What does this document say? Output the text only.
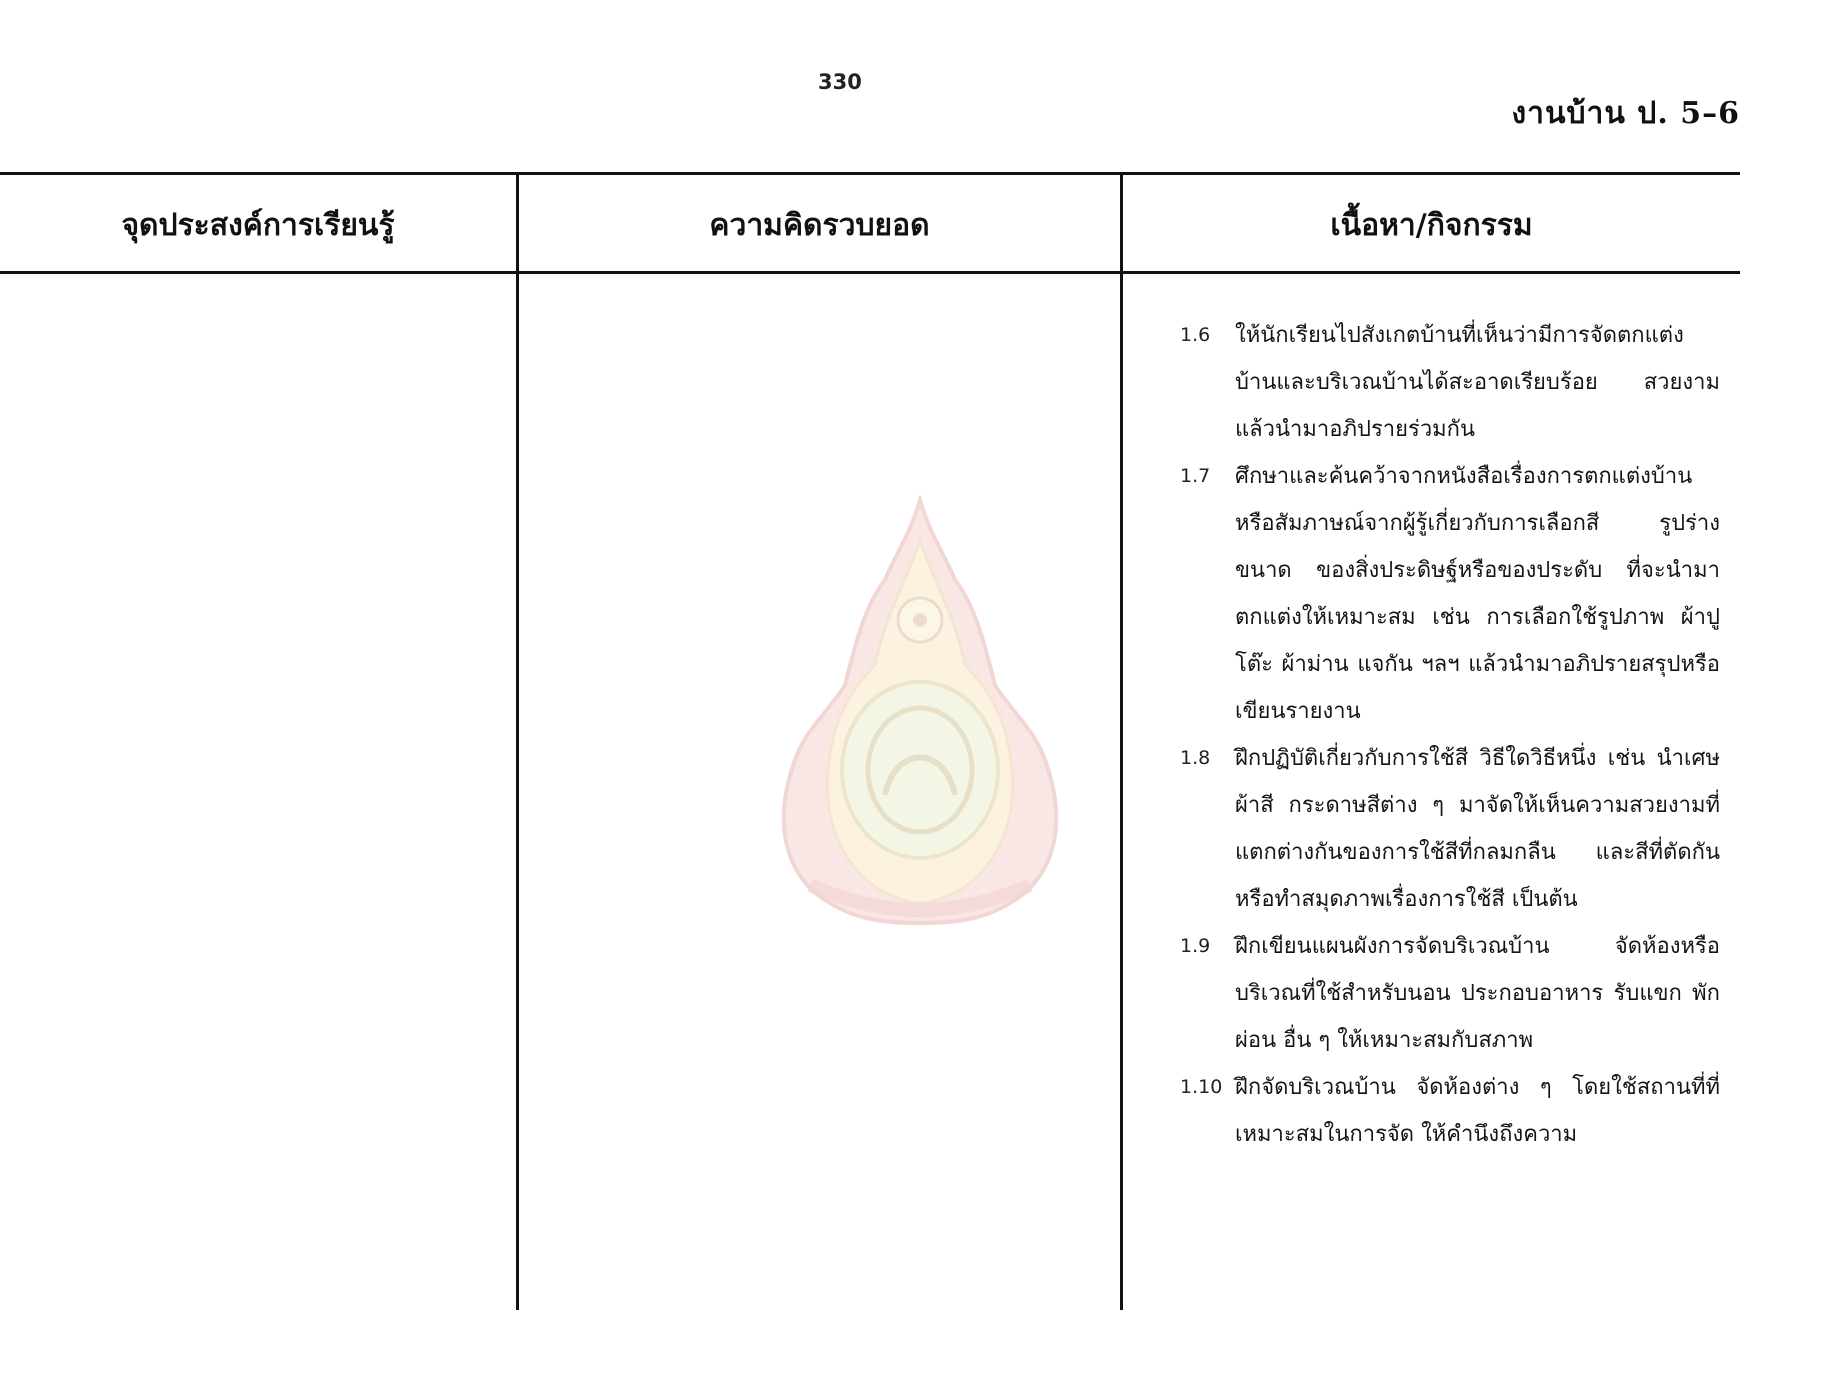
330
งานบ้าน ป. 5–6
จุดประสงค์การเรียนรู้	ความคิดรวบยอด	เนื้อหา/กิจกรรม
1.6 ให้นักเรียนไปสังเกตบ้านที่เห็นว่ามีการจัดตกแต่งบ้านและบริเวณบ้านได้สะอาดเรียบร้อย สวยงาม แล้วนำมาอภิปรายร่วมกัน
1.7 ศึกษาและค้นคว้าจากหนังสือเรื่องการตกแต่งบ้าน หรือสัมภาษณ์จากผู้รู้เกี่ยวกับการเลือกสี รูปร่าง ขนาด ของสิ่งประดิษฐ์หรือของประดับ ที่จะนำมาตกแต่งให้เหมาะสม เช่น การเลือกใช้รูปภาพ ผ้าปูโต๊ะ ผ้าม่าน แจกัน ฯลฯ แล้วนำมาอภิปรายสรุปหรือเขียนรายงาน
1.8 ฝึกปฏิบัติเกี่ยวกับการใช้สี วิธีใดวิธีหนึ่ง เช่น นำเศษผ้าสี กระดาษสีต่าง ๆ มาจัดให้เห็นความสวยงามที่แตกต่างกันของการใช้สีที่กลมกลืน และสีที่ตัดกัน หรือทำสมุดภาพเรื่องการใช้สี เป็นต้น
1.9 ฝึกเขียนแผนผังการจัดบริเวณบ้าน จัดห้องหรือบริเวณที่ใช้สำหรับนอน ประกอบอาหาร รับแขก พักผ่อน อื่น ๆ ให้เหมาะสมกับสภาพ
1.10 ฝึกจัดบริเวณบ้าน จัดห้องต่าง ๆ โดยใช้สถานที่ที่เหมาะสมในการจัด ให้คำนึงถึงความ
